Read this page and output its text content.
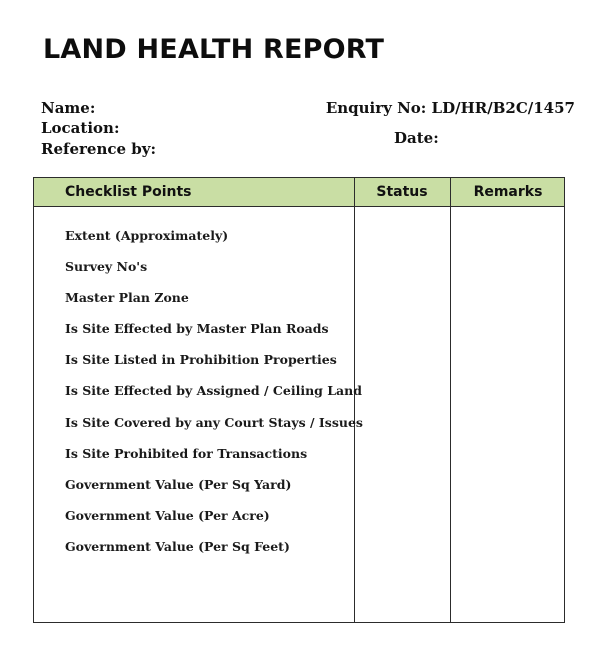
LAND HEALTH REPORT
Name:
Location:
Reference by:
Enquiry No: LD/HR/B2C/1457
Date:
Checklist Points	Status	Remarks
Extent (Approximately)
Survey No's
Master Plan Zone
Is Site Effected by Master Plan Roads
Is Site Listed in Prohibition Properties
Is Site Effected by Assigned / Ceiling Land
Is Site Covered by any Court Stays / Issues
Is Site Prohibited for Transactions
Government Value (Per Sq Yard)
Government Value (Per Acre)
Government Value (Per Sq Feet)
